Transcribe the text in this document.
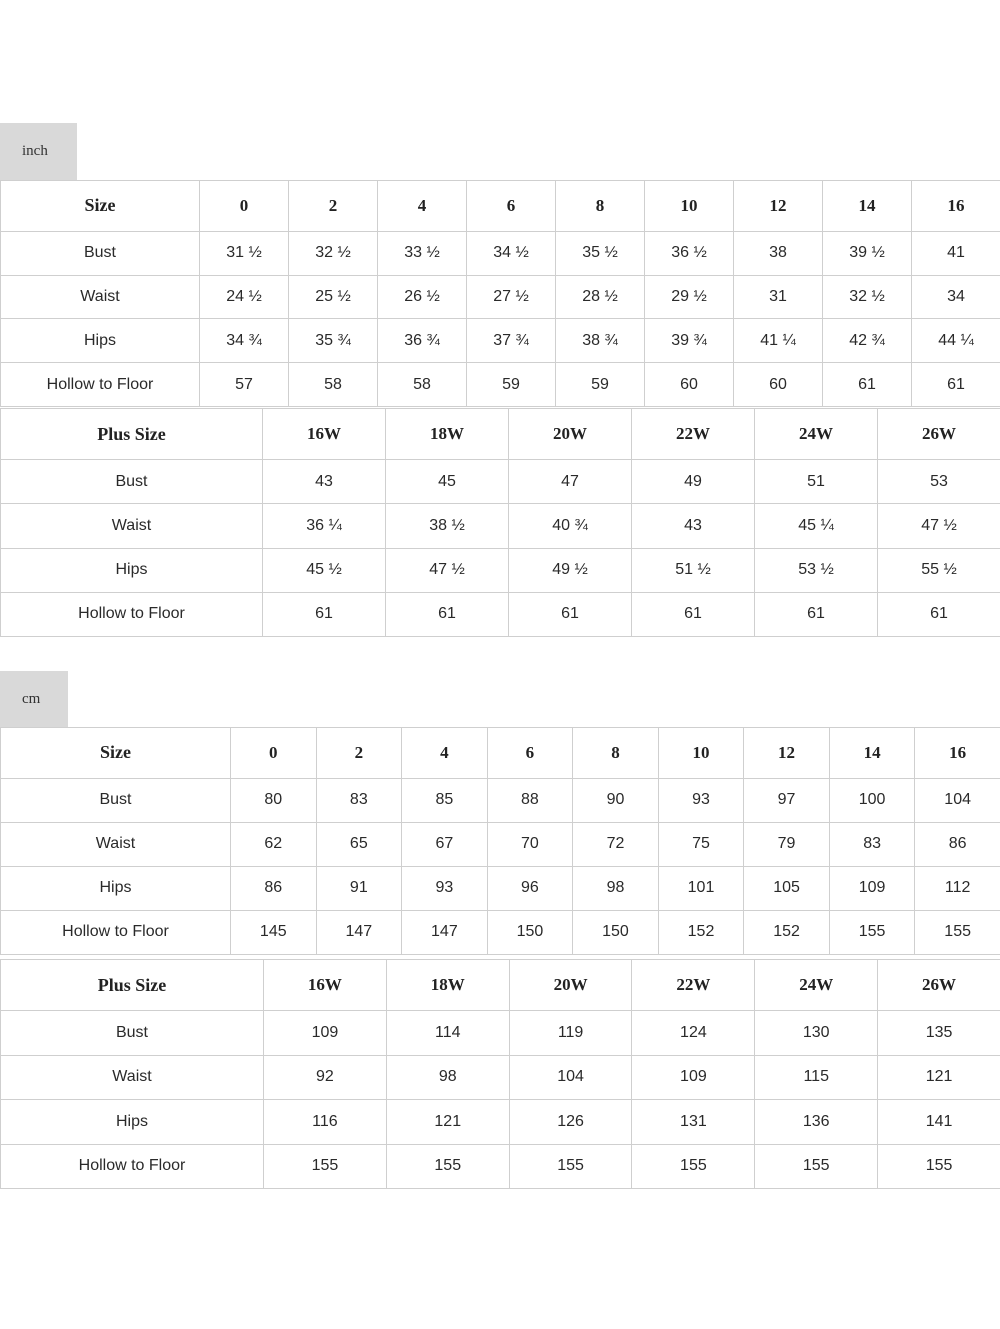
inch
Size	0	2	4	6	8	10	12	14	16
Bust	31 ½	32 ½	33 ½	34 ½	35 ½	36 ½	38	39 ½	41
Waist	24 ½	25 ½	26 ½	27 ½	28 ½	29 ½	31	32 ½	34
Hips	34 ¾	35 ¾	36 ¾	37 ¾	38 ¾	39 ¾	41 ¼	42 ¾	44 ¼
Hollow to Floor	57	58	58	59	59	60	60	61	61
Plus Size	16W	18W	20W	22W	24W	26W
Bust	43	45	47	49	51	53
Waist	36 ¼	38 ½	40 ¾	43	45 ¼	47 ½
Hips	45 ½	47 ½	49 ½	51 ½	53 ½	55 ½
Hollow to Floor	61	61	61	61	61	61
cm
Size	0	2	4	6	8	10	12	14	16
Bust	80	83	85	88	90	93	97	100	104
Waist	62	65	67	70	72	75	79	83	86
Hips	86	91	93	96	98	101	105	109	112
Hollow to Floor	145	147	147	150	150	152	152	155	155
Plus Size	16W	18W	20W	22W	24W	26W
Bust	109	114	119	124	130	135
Waist	92	98	104	109	115	121
Hips	116	121	126	131	136	141
Hollow to Floor	155	155	155	155	155	155
